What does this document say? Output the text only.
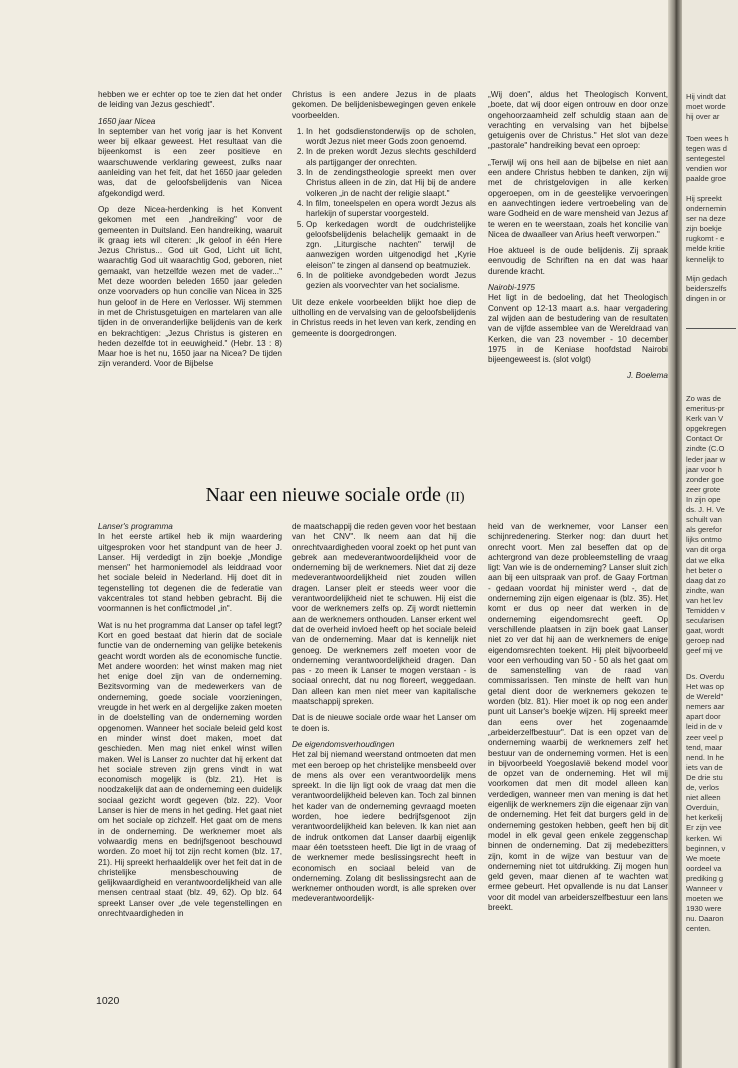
hebben we er echter op toe te zien dat het onder de leiding van Jezus geschiedt".

1650 jaar Nicea

In september van het vorig jaar is het Konvent weer bij elkaar geweest. Het resultaat van die bijeenkomst is een zeer positieve en waarschuwende verklaring geweest, zulks naar aanleiding van het feit, dat het 1650 jaar geleden was, dat de geloofsbelijdenis van Nicea afgekondigd werd.

Op deze Nicea-herdenking is het Konvent gekomen met een „handreiking" voor de gemeenten in Duitsland. Een handreiking, waaruit ik graag iets wil citeren: „Ik geloof in één Here Jezus Christus... God uit God, Licht uit licht, waarachtig God uit waarachtig God, geboren, niet gemaakt, van hetzelfde wezen met de vader..." Met deze woorden beleden 1650 jaar geleden onze voorvaders op hun concilie van Nicea in 325 hun geloof in de Here en Verlosser. Wij stemmen in met de Christusgetuigen en martelaren van alle tijden in de onveranderlijke belijdenis van de kerk en bekrachtigen: „Jezus Christus is gisteren en heden dezelfde tot in eeuwigheid." (Hebr. 13 : 8) Maar hoe is het nu, 1650 jaar na Nicea? De tijden zijn veranderd. Voor de Bijbelse

Christus is een andere Jezus in de plaats gekomen. De belijdenisbewegingen geven enkele voorbeelden.

1. In het godsdienstonderwijs op de scholen, wordt Jezus niet meer Gods zoon genoemd.
2. In de preken wordt Jezus slechts geschilderd als partijganger der onrechten.
3. In de zendingstheologie spreekt men over Christus alleen in de zin, dat Hij bij de andere volkeren „in de nacht der religie slaapt."
4. In film, toneelspelen en opera wordt Jezus als harlekijn of superstar voorgesteld.
5. Op kerkedagen wordt de oudchristelijke geloofsbelijdenis belachelijk gemaakt in de zgn. „Liturgische nachten" terwijl de aanwezigen worden uitgenodigd het „Kyrie eleison" te zingen al dansend op beatmuziek.
6. In de politieke avondgebeden wordt Jezus gezien als voorvechter van het socialisme.

Uit deze enkele voorbeelden blijkt hoe diep de uitholling en de vervalsing van de geloofsbelijdenis in Christus reeds in het leven van kerk, zending en gemeente is doorgedrongen.

„Wij doen", aldus het Theologisch Konvent, „boete, dat wij door eigen ontrouw en door onze ongehoorzaamheid zelf schuldig staan aan de verachting en vervalsing van het bijbelse getuigenis over de Christus." Het slot van deze „pastorale" handreiking bevat een oproep:

„Terwijl wij ons heil aan de bijbelse en niet aan een andere Christus hebben te danken, zijn wij met de christgelovigen in alle kerken opgeroepen, om in de geestelijke vervoeringen en aanvechtingen iedere vertroebeling van de ware Godheid en de ware mensheid van Jezus af te weren en te weerstaan, zoals het koncilie van Nicea de dwaalleer van Arius heeft verworpen."

Hoe aktueel is de oude belijdenis. Zij spraak eenvoudig de Schriften na en dat was haar durende kracht.

Nairobi-1975

Het ligt in de bedoeling, dat het Theologisch Convent op 12-13 maart a.s. haar vergadering zal wijden aan de bestudering van de resultaten van de vijfde assemblee van de Wereldraad van Kerken, die van 23 november - 10 december 1975 in de Keniase hoofdstad Nairobi bijeengeweest is. (slot volgt)

J. Boelema
Naar een nieuwe sociale orde (II)

Lanser's programma

In het eerste artikel heb ik mijn waardering uitgesproken voor het standpunt van de heer J. Lanser. Hij verdedigt in zijn boekje „Mondige mensen" het harmoniemodel als leiddraad voor het sociale beleid in Nederland. Hij doet dit in tegenstelling tot degenen die de federatie van vakcentrales tot stand hebben gebracht. Bij die voormannen is het conflictmodel „in".

Wat is nu het programma dat Lanser op tafel legt? Kort en goed bestaat dat hierin dat de sociale functie van de onderneming van gelijke betekenis geacht wordt worden als de economische functie. Met andere woorden: het winst maken mag niet het enige doel zijn van de onderneming. Bezitsvorming van de medewerkers van de onderneming, goede sociale voorzieningen, vreugde in het werk en al dergelijke zaken moeten in de doelstelling van de onderneming worden opgenomen. Wanneer het sociale beleid geld kost en minder winst doet maken, moet dat geschieden. Men mag niet enkel winst willen maken. Wel is Lanser zo nuchter dat hij erkent dat het sociale streven zijn grens vindt in wat economisch mogelijk is (blz. 21). Het is noodzakelijk dat aan de onderneming een duidelijk sociaal gezicht wordt gegeven (blz. 22). Voor Lanser is hier de mens in het geding. Het gaat niet om het sociale op zichzelf. Het gaat om de mens in de onderneming. De werknemer moet als volwaardig mens en bedrijfsgenoot beschouwd worden. Zo moet hij tot zijn recht komen (blz. 17, 21). Hij spreekt herhaaldelijk over het feit dat in de christelijke mensbeschouwing de gelijkwaardigheid en verantwoordelijkheid van alle mensen centraal staat (blz. 49, 62). Op blz. 64 spreekt Lanser over „de vele tegenstellingen en onrechtvaardigheden in

de maatschappij die reden geven voor het bestaan van het CNV". Ik neem aan dat hij die onrechtvaardigheden vooral zoekt op het punt van gebrek aan medeverantwoordelijkheid voor de onderneming bij de werknemers. Niet dat zij deze medeverantwoordelijkheid niet zouden willen dragen. Lanser pleit er steeds weer voor die verantwoordelijkheid niet te schuwen. Hij eist die voor de werknemers zelfs op. Zij wordt niettemin aan de werknemers onthouden. Lanser erkent wel dat de overheid invloed heeft op het sociale beleid van de onderneming. Maar dat is kennelijk niet genoeg. De werknemers zelf moeten voor de onderneming verantwoordelijkheid dragen. Dan pas - zo meen ik Lanser te mogen verstaan - is sociaal onrecht, dat nu nog floreert, weggedaan. Dan alleen kan men niet meer van kapitalische maatschappij spreken.

Dat is de nieuwe sociale orde waar het Lanser om te doen is.

De eigendomsverhoudingen

Het zal bij niemand weerstand ontmoeten dat men met een beroep op het christelijke mensbeeld over de mens als over een verantwoordelijk mens spreekt. In die lijn ligt ook de vraag dat men die verantwoordelijkheid beleven kan. Toch zal binnen het kader van de onderneming gevraagd moeten worden, hoe iedere bedrijfsgenoot zijn verantwoordelijkheid kan beleven. Ik kan niet aan de indruk ontkomen dat Lanser daarbij eigenlijk maar één toetssteen heeft. Die ligt in de vraag of de werknemer mede beslissingsrecht heeft in economisch en sociaal beleid van de onderneming. Zolang dit beslissingsrecht aan de werknemer onthouden wordt, is alle spreken over medeverantwoordelijk-

heid van de werknemer, voor Lanser een schijnredenering. Sterker nog: dan duurt het onrecht voort. Men zal beseffen dat op de achtergrond van deze probleemstelling de vraag ligt: Van wie is de onderneming? Lanser sluit zich aan bij een uitspraak van prof. de Gaay Fortman - gedaan voordat hij minister werd -, dat de onderneming zijn eigen eigenaar is (blz. 35). Het komt er dus op neer dat werken in de onderneming eigendomsrecht geeft. Op verschillende plaatsen in zijn boek gaat Lanser niet zo ver dat hij aan de werknemers de enige eigendomsrechten toekent. Hij pleit bijvoorbeeld voor een verhouding van 50 - 50 als het gaat om de samenstelling van de raad van commissarissen. Ten minste de helft van hun getal dient door de werknemers gekozen te worden (blz. 81). Hier moet ik op nog een ander punt uit Lanser's boekje wijzen. Hij spreekt meer dan eens over het zogenaamde „arbeiderzelfbestuur". Dat is een opzet van de onderneming waarbij de werknemers zelf het bestuur van de onderneming vormen. Het is een in bijvoorbeeld Yoegoslavië bekend model voor de opzet van de onderneming. Het wil mij voorkomen dat men dit model alleen kan verdedigen, wanneer men van mening is dat het eigenlijk de werknemers zijn die eigenaar zijn van de onderneming. Het feit dat burgers geld in de onderneming gestoken hebben, geeft hen bij dit model in elk geval geen enkele zeggenschap binnen de onderneming. Dat zij medebezitters zijn, komt in de wijze van bestuur van de onderneming niet tot uitdrukking. Zij mogen hun geld geven, maar dienen af te wachten wat ermee gebeurt. Het opvallende is nu dat Lanser voor dit model van arbeiderszelfbestuur een lans breekt.

1020
Hij vindt dat
moet worde
hij over ar
Toen wees h
tegen was d
sentegestel
vendien wor
paalde groe
Hij spreekt
ondernemin
ser na deze
zijn boekje
rugkomt - e
melde kritie
kennelijk to
Mijn gedach
beiderszelfs
dingen in or
Zo was de
emeritus-pr
Kerk van V
opgekregen
Contact Or
zindte (C.O
leder jaar w
jaar voor h
zonder goe
zeer grote
In zijn ope
ds. J. H. Ve
schuilt van
als gerefor
lijks ontmo
van dit orga
dat we elka
het beter o
daag dat zo
zindte, wan
van het lev
Temidden v
secularisen
gaat, wordt
geroep nad
geef mij ve
Ds. Overdu
Het was op
de Wereld"
nemers aar
apart door
leid in de v
zeer veel p
tend, maar
nend. In he
iets van de
De drie stu
de, verlos
niet alleen
Overduin,
het kerkelij
Er zijn vee
kerken. Wi
beginnen, v
We moete
oordeel va
prediking g
Wanneer v
moeten we
1930 were
nu. Daaron
centen.
